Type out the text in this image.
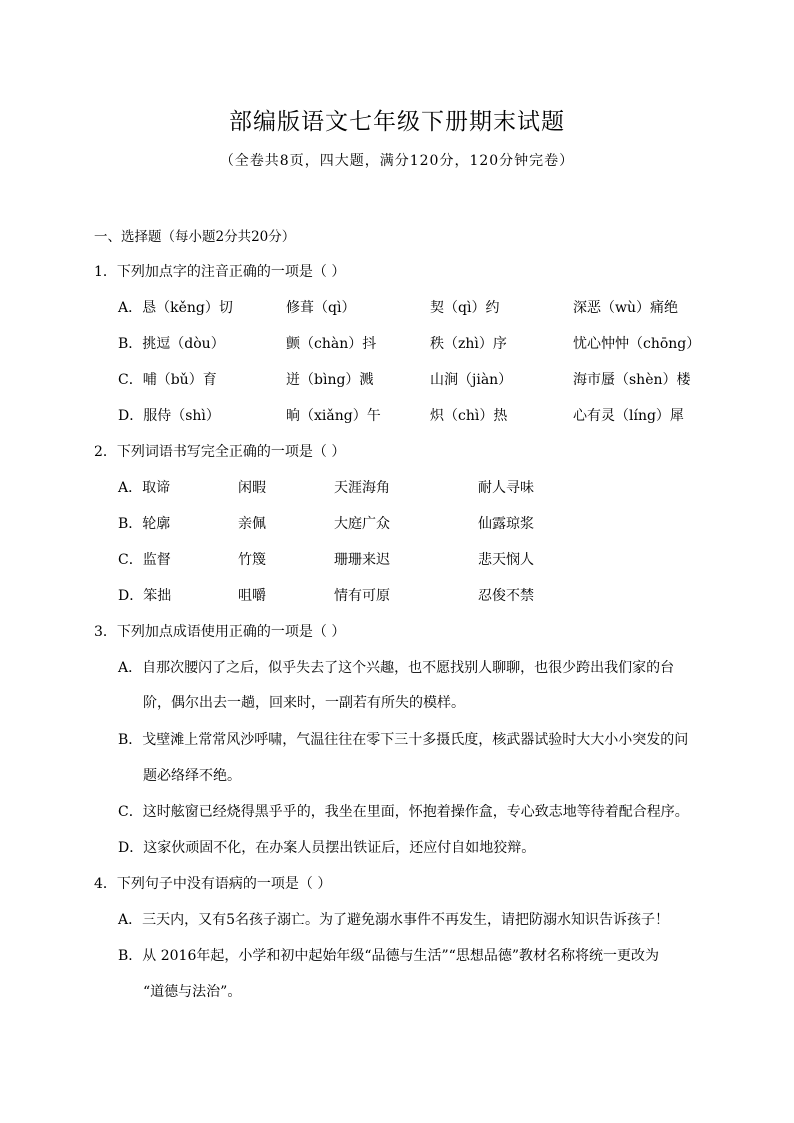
部编版语文七年级下册期末试题
（全卷共8页，四大题，满分120分，120分钟完卷）
一、选择题（每小题2分共20分）
1．下列加点字的注音正确的一项是（ ）
A．恳（kěng）切	修葺（qì）	契（qì）约	深恶（wù）痛绝
B．挑逗（dòu）	颤（chàn）抖	秩（zhì）序	忧心忡忡（chōng）
C．哺（bǔ）育	迸（bìng）溅	山涧（jiàn）	海市蜃（shèn）楼
D．服侍（shì）	晌（xiǎng）午	炽（chì）热	心有灵（líng）犀
2．下列词语书写完全正确的一项是（ ）
A．取谛	闲暇	天涯海角	耐人寻味
B．轮廓	亲佩	大庭广众	仙露琼浆
C．监督	竹篾	珊珊来迟	悲天悯人
D．笨拙	咀嚼	情有可原	忍俊不禁
3．下列加点成语使用正确的一项是（ ）
A．自那次腰闪了之后，似乎失去了这个兴趣，也不愿找别人聊聊，也很少跨出我们家的台
阶，偶尔出去一趟，回来时，一副若有所失的模样。
B．戈壁滩上常常风沙呼啸，气温往往在零下三十多摄氏度，核武器试验时大大小小突发的问
题必络绎不绝。
C．这时舷窗已经烧得黑乎乎的，我坐在里面，怀抱着操作盒，专心致志地等待着配合程序。
D．这家伙顽固不化，在办案人员摆出铁证后，还应付自如地狡辩。
4．下列句子中没有语病的一项是（ ）
A．三天内，又有5名孩子溺亡。为了避免溺水事件不再发生，请把防溺水知识告诉孩子！
B．从 2016年起，小学和初中起始年级“品德与生活”“思想品德”教材名称将统一更改为
“道德与法治”。
